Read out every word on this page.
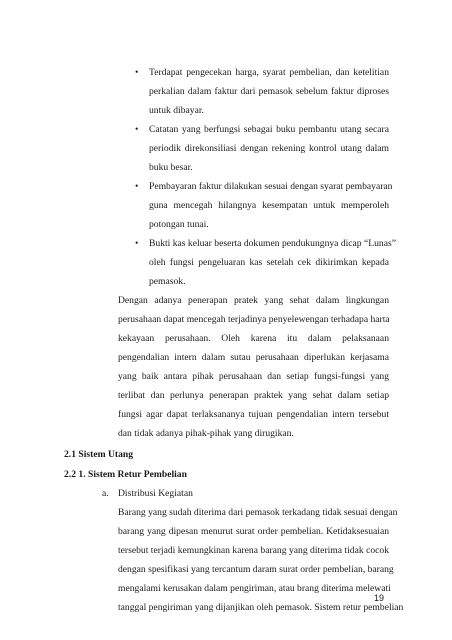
• Terdapat pengecekan harga, syarat pembelian, dan ketelitian
perkalian dalam faktur dari pemasok sebelum faktur diproses
untuk dibayar.
• Catatan yang berfungsi sebagai buku pembantu utang secara
periodik direkonsiliasi dengan rekening kontrol utang dalam
buku besar.
• Pembayaran faktur dilakukan sesuai dengan syarat pembayaran
guna mencegah hilangnya kesempatan untuk memperoleh
potongan tunai.
• Bukti kas keluar beserta dokumen pendukungnya dicap “Lunas”
oleh fungsi pengeluaran kas setelah cek dikirimkan kepada
pemasok.
Dengan adanya penerapan pratek yang sehat dalam lingkungan
perusahaan dapat mencegah terjadinya penyelewengan terhadapa harta
kekayaan perusahaan. Oleh karena itu dalam pelaksanaan
pengendalian intern dalam sutau perusahaan diperlukan kerjasama
yang baik antara pihak perusahaan dan setiap fungsi-fungsi yang
terlibat dan perlunya penerapan praktek yang sehat dalam setiap
fungsi agar dapat terlaksananya tujuan pengendalian intern tersebut
dan tidak adanya pihak-pihak yang dirugikan.
2.1 Sistem Utang
2.2 1. Sistem Retur Pembelian
a. Distribusi Kegiatan
Barang yang sudah diterima dari pemasok terkadang tidak sesuai dengan
barang yang dipesan menurut surat order pembelian. Ketidaksesuaian
tersebut terjadi kemungkinan karena barang yang diterima tidak cocok
dengan spesifikasi yang tercantum daram surat order pembelian, barang
mengalami kerusakan dalam pengiriman, atau brang diterima melewati
tanggal pengiriman yang dijanjikan oleh pemasok. Sistem retur pembelian
19
